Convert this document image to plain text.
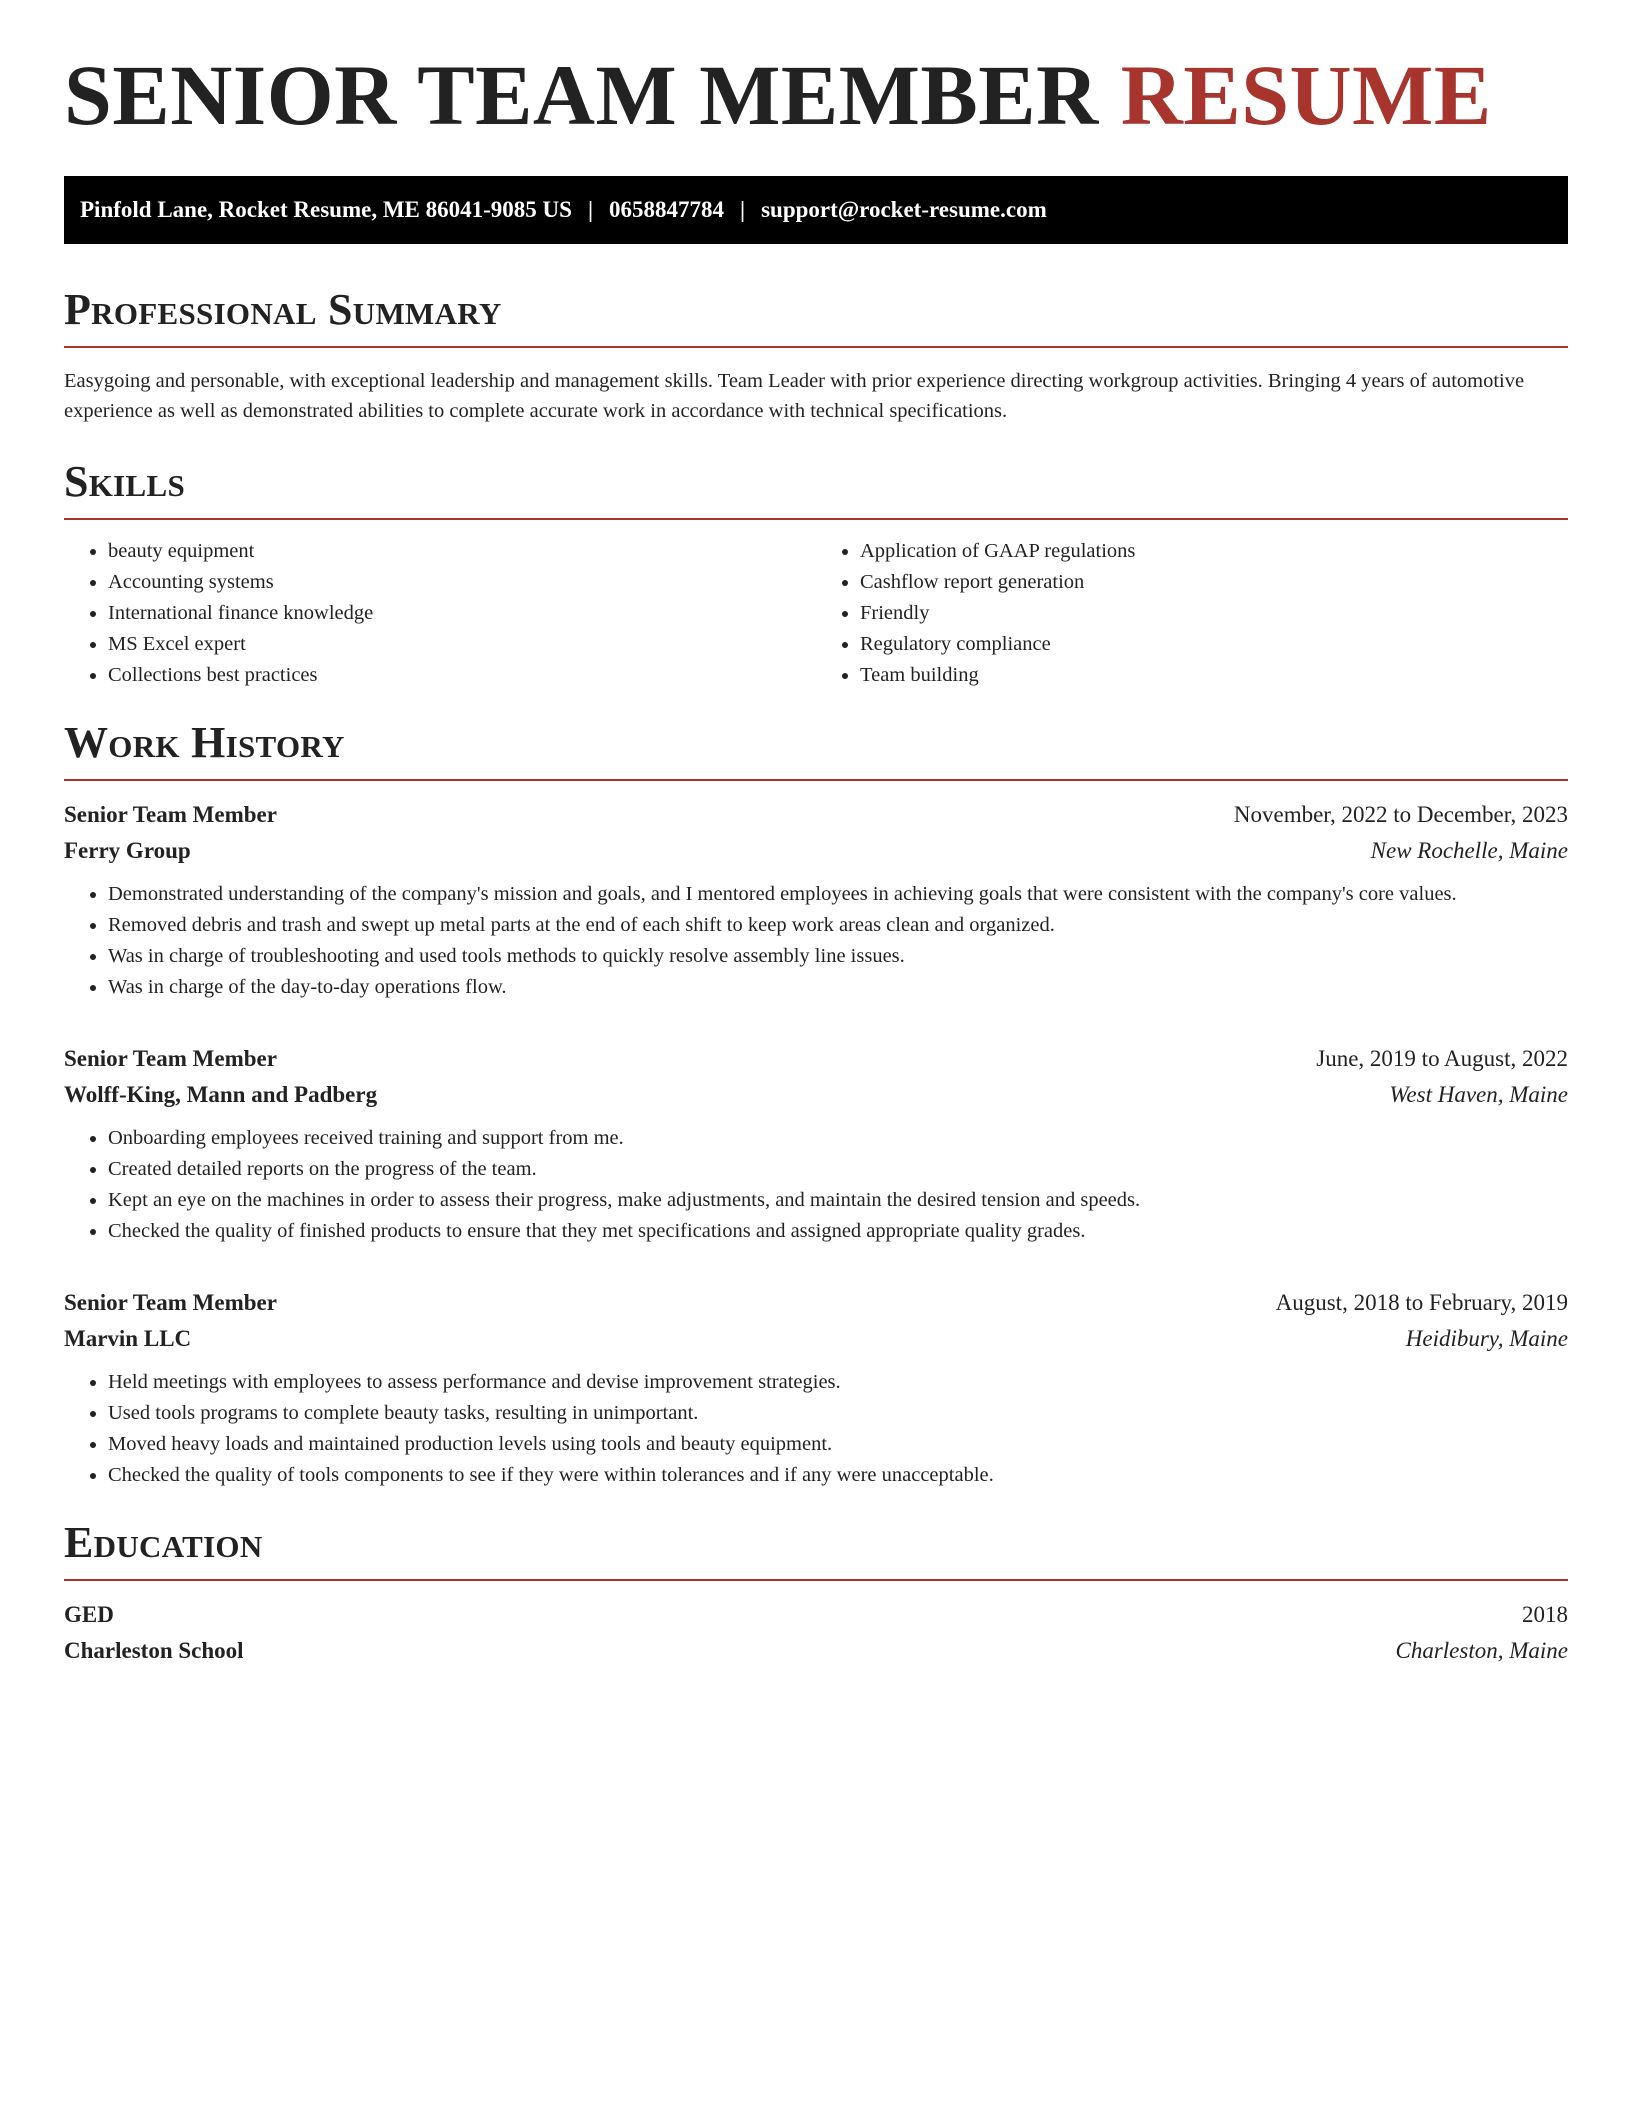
SENIOR TEAM MEMBER RESUME
Pinfold Lane, Rocket Resume, ME 86041-9085 US | 0658847784 | support@rocket-resume.com
Professional Summary

Easygoing and personable, with exceptional leadership and management skills. Team Leader with prior experience directing workgroup activities. Bringing 4 years of automotive experience as well as demonstrated abilities to complete accurate work in accordance with technical specifications.

Skills
• beauty equipment
• Accounting systems
• International finance knowledge
• MS Excel expert
• Collections best practices
• Application of GAAP regulations
• Cashflow report generation
• Friendly
• Regulatory compliance
• Team building
Work History
Senior Team Member	November, 2022 to December, 2023
Ferry Group	New Rochelle, Maine
• Demonstrated understanding of the company's mission and goals, and I mentored employees in achieving goals that were consistent with the company's core values.
• Removed debris and trash and swept up metal parts at the end of each shift to keep work areas clean and organized.
• Was in charge of troubleshooting and used tools methods to quickly resolve assembly line issues.
• Was in charge of the day-to-day operations flow.
Senior Team Member	June, 2019 to August, 2022
Wolff-King, Mann and Padberg	West Haven, Maine
• Onboarding employees received training and support from me.
• Created detailed reports on the progress of the team.
• Kept an eye on the machines in order to assess their progress, make adjustments, and maintain the desired tension and speeds.
• Checked the quality of finished products to ensure that they met specifications and assigned appropriate quality grades.
Senior Team Member	August, 2018 to February, 2019
Marvin LLC	Heidibury, Maine
• Held meetings with employees to assess performance and devise improvement strategies.
• Used tools programs to complete beauty tasks, resulting in unimportant.
• Moved heavy loads and maintained production levels using tools and beauty equipment.
• Checked the quality of tools components to see if they were within tolerances and if any were unacceptable.
Education
GED	2018
Charleston School	Charleston, Maine
